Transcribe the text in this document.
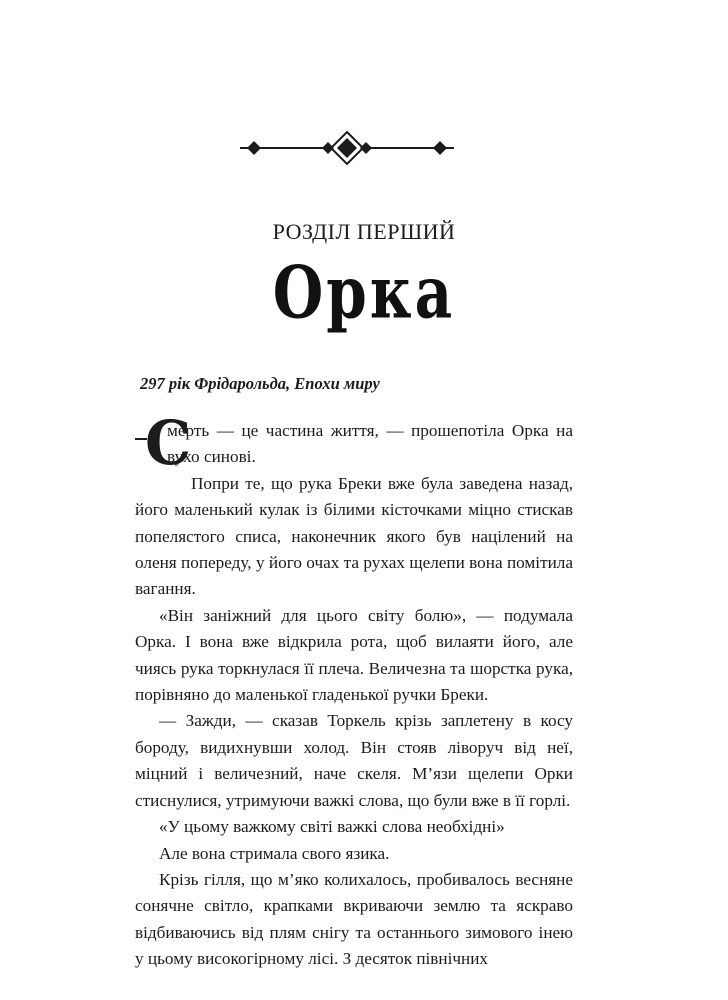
РОЗДІЛ ПЕРШИЙ
Орка
297 рік Фрідарольда, Епохи миру

С
мерть — це частина життя, — прошепотіла Орка на вухо синові.

Попри те, що рука Бреки вже була заведена назад, його маленький кулак із білими кісточками міцно стискав попелястого списа, наконечник якого був націлений на оленя попереду, у його очах та рухах щелепи вона помітила вагання.

«Він заніжний для цього світу болю», — подумала Орка. І вона вже відкрила рота, щоб вилаяти його, але чиясь рука торкнулася її плеча. Величезна та шорстка рука, порівняно до маленької гладенької ручки Бреки.

— Зажди, — сказав Торкель крізь заплетену в косу бороду, видихнувши холод. Він стояв ліворуч від неї, міцний і величезний, наче скеля. М’язи щелепи Орки стиснулися, утримуючи важкі слова, що були вже в її горлі.

«У цьому важкому світі важкі слова необхідні»

Але вона стримала свого язика.

Крізь гілля, що м’яко колихалось, пробивалось весняне сонячне світло, крапками вкриваючи землю та яскраво відбиваючись від плям снігу та останнього зимового інею у цьому високогірному лісі. З десяток північних
